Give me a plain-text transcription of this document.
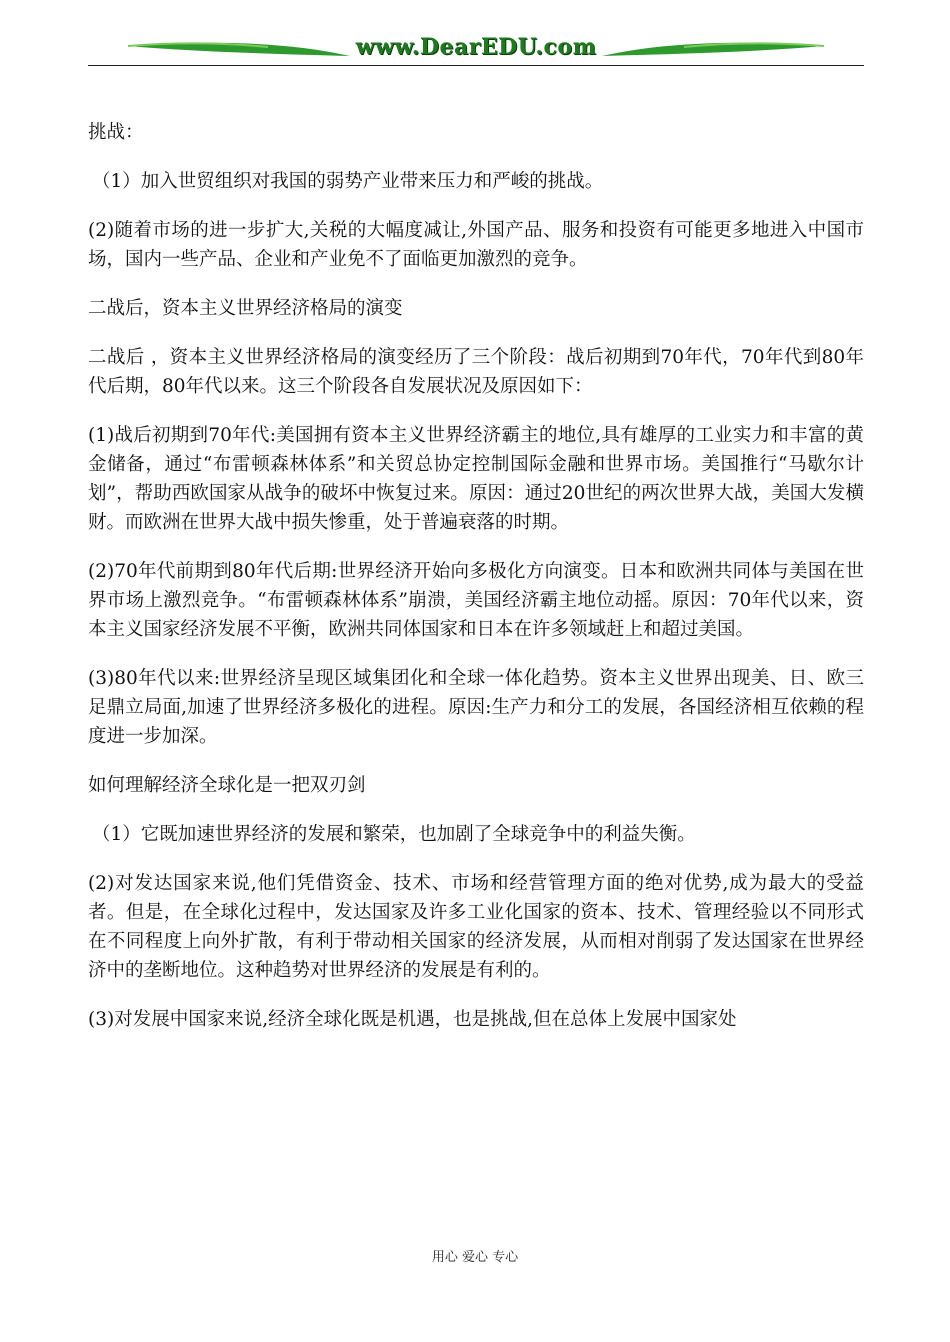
www.DearEDU.com

挑战：

（1）加入世贸组织对我国的弱势产业带来压力和严峻的挑战。

(2)随着市场的进一步扩大,关税的大幅度减让,外国产品、服务和投资有可能更多地进入中国市场，国内一些产品、企业和产业免不了面临更加激烈的竞争。

二战后，资本主义世界经济格局的演变

二战后 ，资本主义世界经济格局的演变经历了三个阶段：战后初期到70年代，70年代到80年代后期，80年代以来。这三个阶段各自发展状况及原因如下：

(1)战后初期到70年代:美国拥有资本主义世界经济霸主的地位,具有雄厚的工业实力和丰富的黄金储备，通过“布雷顿森林体系”和关贸总协定控制国际金融和世界市场。美国推行“马歇尔计划”，帮助西欧国家从战争的破坏中恢复过来。原因：通过20世纪的两次世界大战，美国大发横财。而欧洲在世界大战中损失惨重，处于普遍衰落的时期。

(2)70年代前期到80年代后期:世界经济开始向多极化方向演变。日本和欧洲共同体与美国在世界市场上激烈竞争。“布雷顿森林体系”崩溃，美国经济霸主地位动摇。原因：70年代以来，资本主义国家经济发展不平衡，欧洲共同体国家和日本在许多领域赶上和超过美国。

(3)80年代以来:世界经济呈现区域集团化和全球一体化趋势。资本主义世界出现美、日、欧三足鼎立局面,加速了世界经济多极化的进程。原因:生产力和分工的发展，各国经济相互依赖的程度进一步加深。

如何理解经济全球化是一把双刃剑

（1）它既加速世界经济的发展和繁荣，也加剧了全球竞争中的利益失衡。

(2)对发达国家来说,他们凭借资金、技术、市场和经营管理方面的绝对优势,成为最大的受益者。但是，在全球化过程中，发达国家及许多工业化国家的资本、技术、管理经验以不同形式在不同程度上向外扩散，有利于带动相关国家的经济发展，从而相对削弱了发达国家在世界经济中的垄断地位。这种趋势对世界经济的发展是有利的。

(3)对发展中国家来说,经济全球化既是机遇，也是挑战,但在总体上发展中国家处

用心 爱心 专心
